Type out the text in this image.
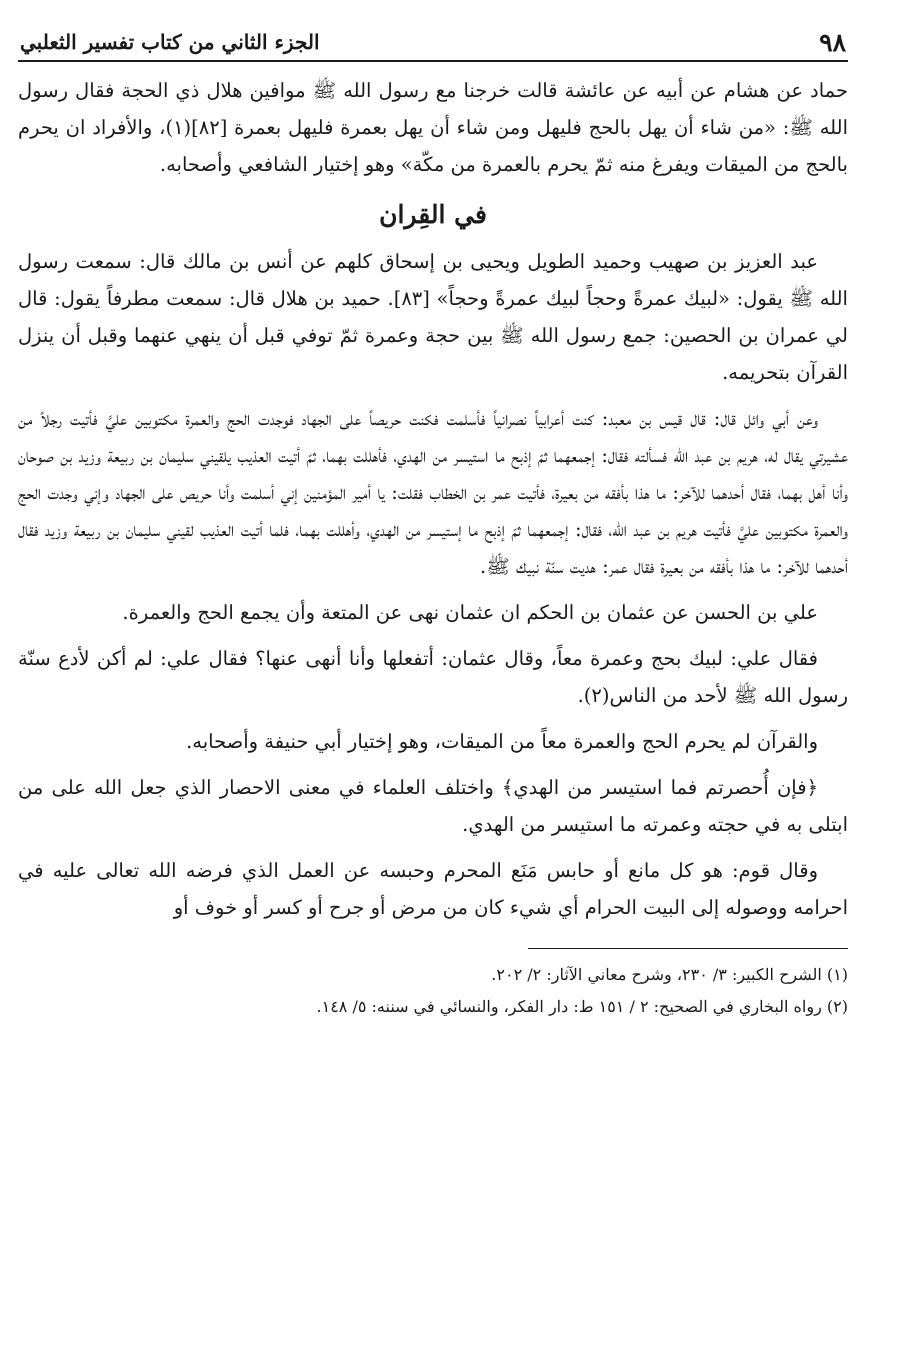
٩٨
الجزء الثاني من كتاب تفسير الثعلبي

حماد عن هشام عن أبيه عن عائشة قالت خرجنا مع رسول الله ﷺ موافين هلال ذي الحجة فقال رسول الله ﷺ: «من شاء أن يهل بالحج فليهل ومن شاء أن يهل بعمرة فليهل بعمرة [٨٢](١)، والأفراد ان يحرم بالحج من الميقات ويفرغ منه ثمّ يحرم بالعمرة من مكّة» وهو إختيار الشافعي وأصحابه.

في القِران

عبد العزيز بن صهيب وحميد الطويل ويحيى بن إسحاق كلهم عن أنس بن مالك قال: سمعت رسول الله ﷺ يقول: «لبيك عمرةً وحجاً لبيك عمرةً وحجاً» [٨٣]. حميد بن هلال قال: سمعت مطرفاً يقول: قال لي عمران بن الحصين: جمع رسول الله ﷺ بين حجة وعمرة ثمّ توفي قبل أن ينهي عنهما وقبل أن ينزل القرآن بتحريمه.

وعن أبي وائل قال: قال قيس بن معبد: كنت أعرابياً نصرانياً فأسلمت فكنت حريصاً على الجهاد فوجدت الحج والعمرة مكتوبين عليَّ فأتيت رجلاً من عشيرتي يقال له، هريم بن عبد الله فسألته فقال: إجمعهما ثمّ إذبح ما استيسر من الهدي، فأهللت بهما، ثمّ أتيت العذيب يلقيني سليمان بن ربيعة وزيد بن صوحان وأنا أهل بهما، فقال أحدهما للآخر: ما هذا بأفقه من بعيرة، فأتيت عمر بن الخطاب فقلت: يا أمير المؤمنين إني أسلمت وأنا حريص على الجهاد وإني وجدت الحج والعمرة مكتوبين عليَّ فأتيت هريم بن عبد الله، فقال: إجمعهما ثمّ إذبح ما إستيسر من الهدي، وأهللت بهما، فلما أتيت العذيب لقيني سليمان بن ربيعة وزيد فقال أحدهما للآخر: ما هذا بأفقه من بعيرة فقال عمر: هديت سنّة نبيك ﷺ.

علي بن الحسن عن عثمان بن الحكم ان عثمان نهى عن المتعة وأن يجمع الحج والعمرة.

فقال علي: لبيك بحج وعمرة معاً، وقال عثمان: أتفعلها وأنا أنهى عنها؟ فقال علي: لم أكن لأدع سنّة رسول الله ﷺ لأحد من الناس(٢).

والقرآن لم يحرم الحج والعمرة معاً من الميقات، وهو إختيار أبي حنيفة وأصحابه.

﴿فإن أُحصرتم فما استيسر من الهدي﴾ واختلف العلماء في معنى الاحصار الذي جعل الله على من ابتلى به في حجته وعمرته ما استيسر من الهدي.

وقال قوم: هو كل مانع أو حابس مَنَع المحرم وحبسه عن العمل الذي فرضه الله تعالى عليه في احرامه ووصوله إلى البيت الحرام أي شيء كان من مرض أو جرح أو كسر أو خوف أو

(١) الشرح الكبير: ٣/ ٢٣٠، وشرح معاني الآثار: ٢/ ٢٠٢.

(٢) رواه البخاري في الصحيح: ٢ / ١٥١ ط: دار الفكر، والنسائي في سننه: ٥/ ١٤٨.
